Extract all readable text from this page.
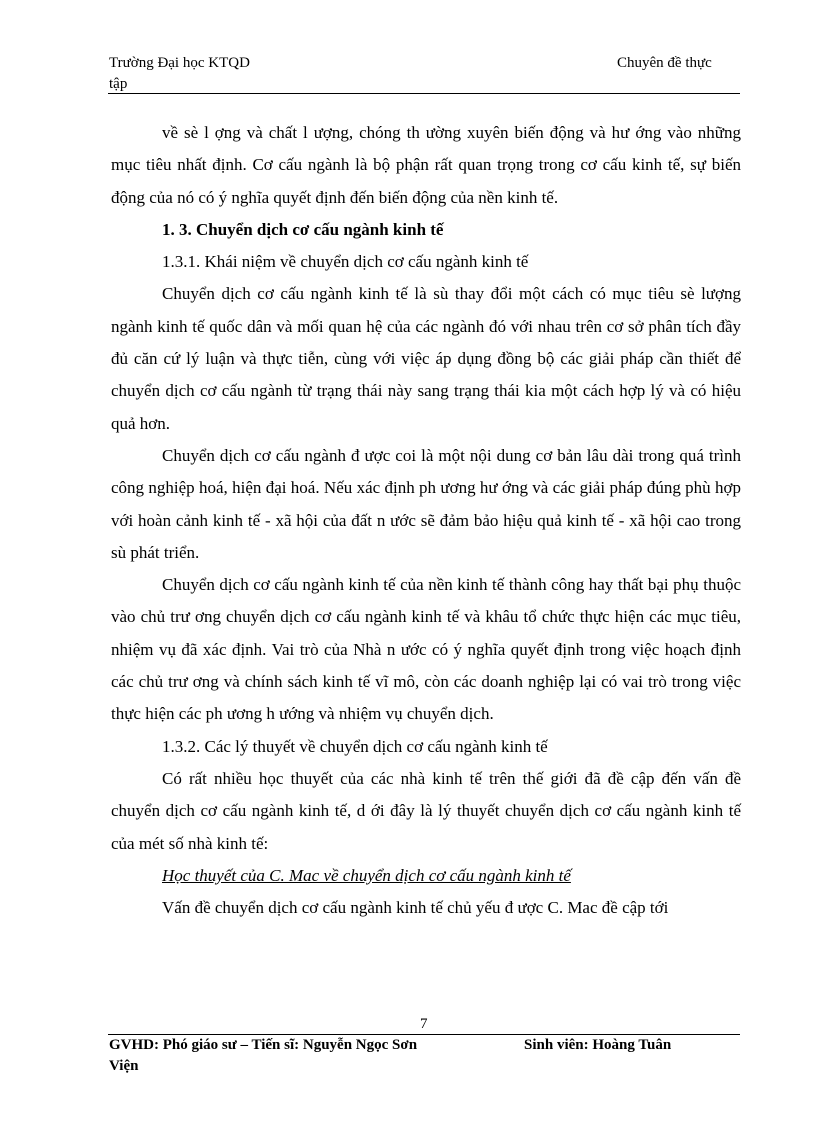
Trường Đại học KTQD
tập
Chuyên đề thực

về sè l ợng và chất l ượng, chóng th ường xuyên biến động và hư ớng vào những mục tiêu nhất định. Cơ cấu ngành là bộ phận rất quan trọng trong cơ cấu kinh tế, sự biến động của nó có ý nghĩa quyết định đến biến động của nền kinh tế.

1. 3. Chuyển dịch cơ cấu ngành kinh tế

1.3.1. Khái niệm về chuyển dịch cơ cấu ngành kinh tế

Chuyển dịch cơ cấu ngành kinh tế là sù thay đổi một cách có mục tiêu sè lượng ngành kinh tế quốc dân và mối quan hệ của các ngành đó với nhau trên cơ sở phân tích đầy đủ căn cứ lý luận và thực tiễn, cùng với việc áp dụng đồng bộ các giải pháp cần thiết để chuyển dịch cơ cấu ngành từ trạng thái này sang trạng thái kia một cách hợp lý và có hiệu quả hơn.

Chuyển dịch cơ cấu ngành đ ược coi là một nội dung cơ bản lâu dài trong quá trình công nghiệp hoá, hiện đại hoá. Nếu xác định ph ương hư ớng và các giải pháp đúng phù hợp với hoàn cảnh kinh tế - xã hội của đất n ước sẽ đảm bảo hiệu quả kinh tế - xã hội cao trong sù phát triển.

Chuyển dịch cơ cấu ngành kinh tế của nền kinh tế thành công hay thất bại phụ thuộc vào chủ trư ơng chuyển dịch cơ cấu ngành kinh tế và khâu tổ chức thực hiện các mục tiêu, nhiệm vụ đã xác định. Vai trò của Nhà n ước có ý nghĩa quyết định trong việc hoạch định các chủ trư ơng và chính sách kinh tế vĩ mô, còn các doanh nghiệp lại có vai trò trong việc thực hiện các ph ương h ướng và nhiệm vụ chuyển dịch.

1.3.2. Các lý thuyết về chuyển dịch cơ cấu ngành kinh tế

Có rất nhiều học thuyết của các nhà kinh tế trên thế giới đã đề cập đến vấn đề chuyển dịch cơ cấu ngành kinh tế, d ới đây là lý thuyết chuyển dịch cơ cấu ngành kinh tế của mét số nhà kinh tế:

Học thuyết của C. Mac về chuyển dịch cơ cấu ngành kinh tế

Vấn đề chuyển dịch cơ cấu ngành kinh tế chủ yếu đ ược C. Mac đề cập tới

7
GVHD: Phó giáo sư – Tiến sĩ: Nguyễn Ngọc Sơn
Viện
Sinh viên: Hoàng Tuân
